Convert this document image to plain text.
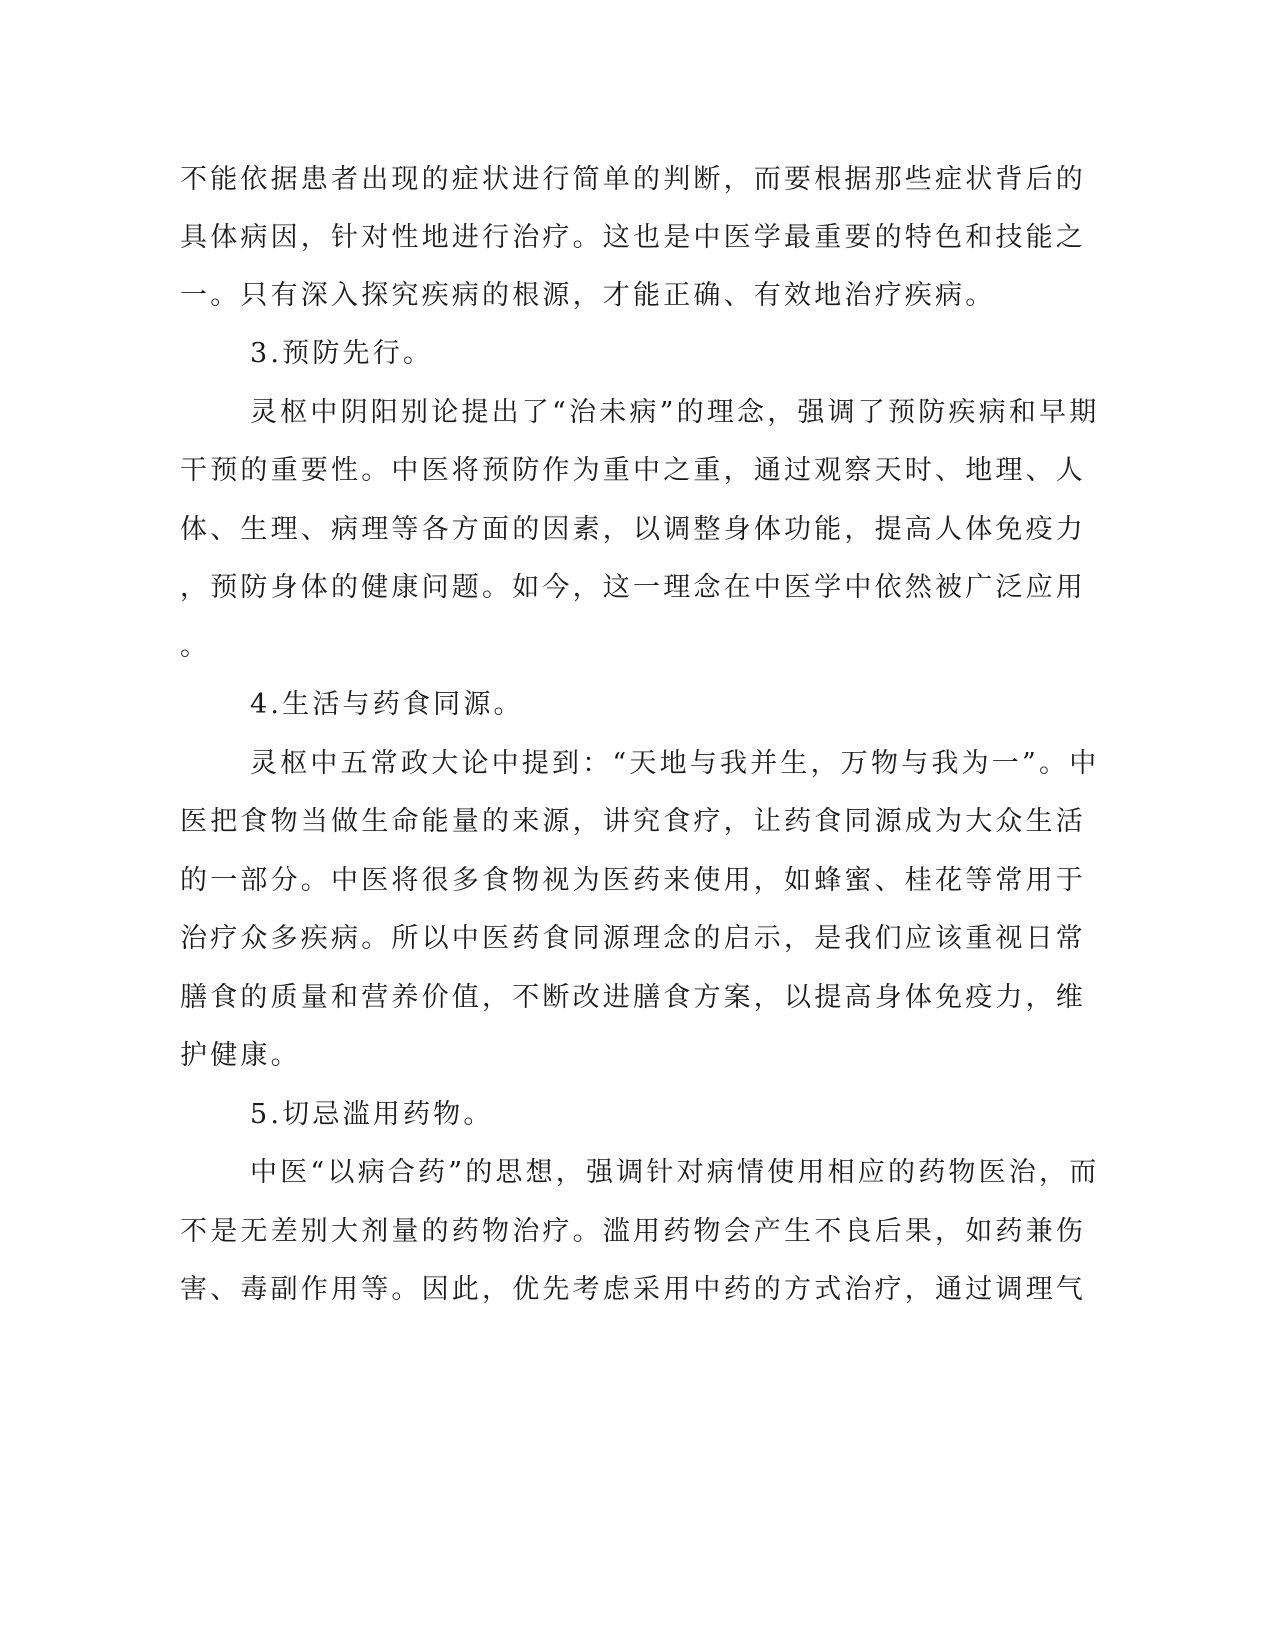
不能依据患者出现的症状进行简单的判断，而要根据那些症状背后的
具体病因，针对性地进行治疗。这也是中医学最重要的特色和技能之
一。只有深入探究疾病的根源，才能正确、有效地治疗疾病。
3.预防先行。
灵枢中阴阳别论提出了“治未病”的理念，强调了预防疾病和早期
干预的重要性。中医将预防作为重中之重，通过观察天时、地理、人
体、生理、病理等各方面的因素，以调整身体功能，提高人体免疫力
，预防身体的健康问题。如今，这一理念在中医学中依然被广泛应用
。
4.生活与药食同源。
灵枢中五常政大论中提到：“天地与我并生，万物与我为一”。中
医把食物当做生命能量的来源，讲究食疗，让药食同源成为大众生活
的一部分。中医将很多食物视为医药来使用，如蜂蜜、桂花等常用于
治疗众多疾病。所以中医药食同源理念的启示，是我们应该重视日常
膳食的质量和营养价值，不断改进膳食方案，以提高身体免疫力，维
护健康。
5.切忌滥用药物。
中医“以病合药”的思想，强调针对病情使用相应的药物医治，而
不是无差别大剂量的药物治疗。滥用药物会产生不良后果，如药兼伤
害、毒副作用等。因此，优先考虑采用中药的方式治疗，通过调理气
